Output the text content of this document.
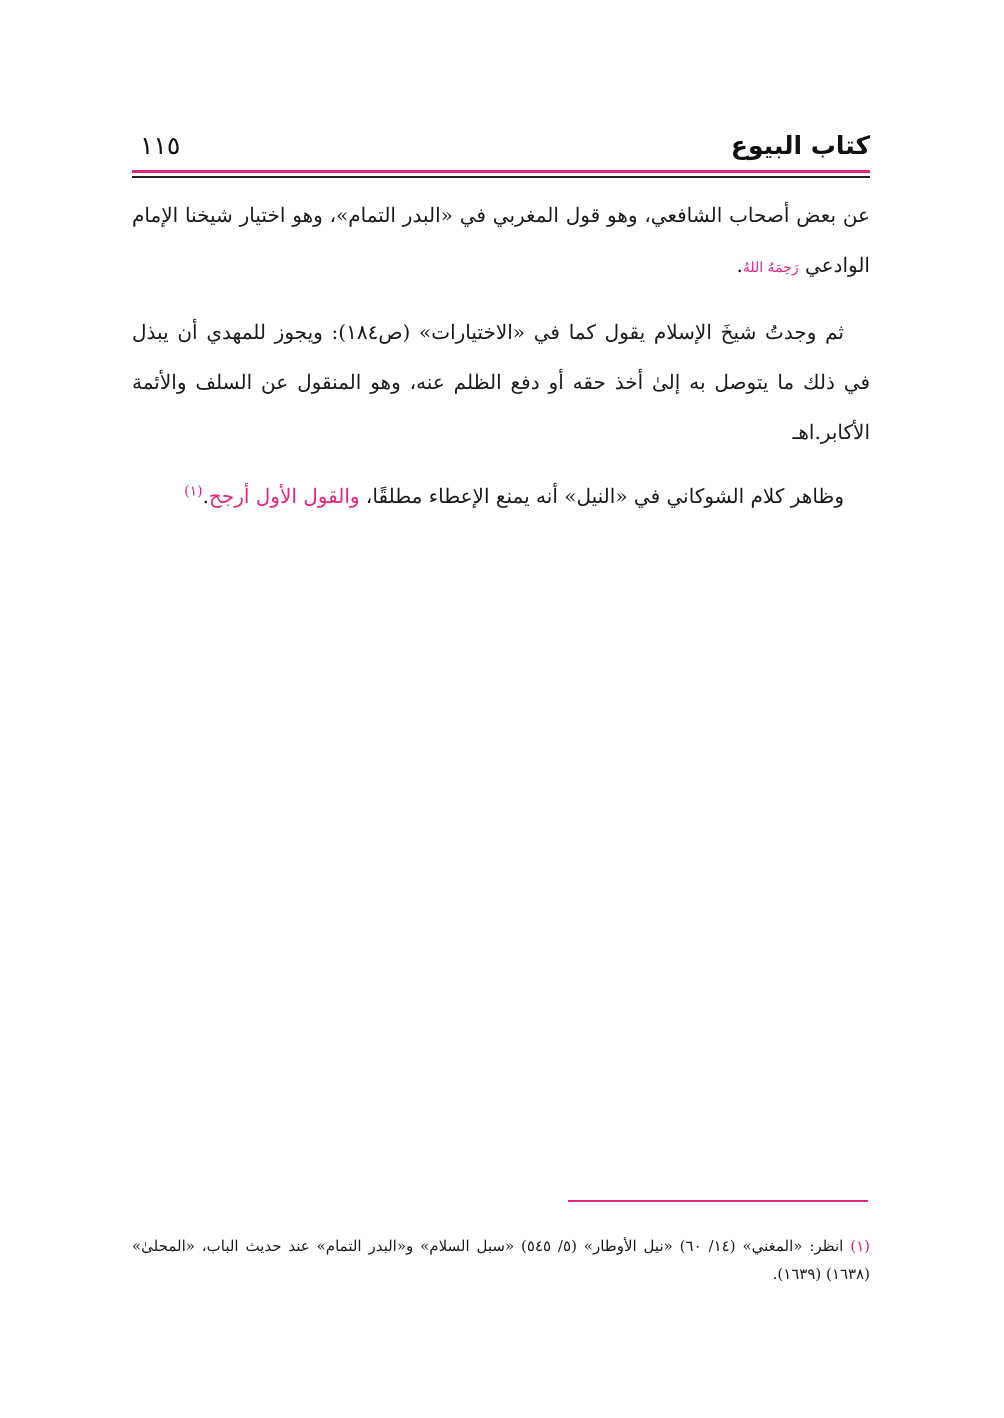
كتاب البيوع
١١٥

عن بعض أصحاب الشافعي، وهو قول المغربي في «البدر التمام»، وهو اختيار شيخنا الإمام الوادعي رَحِمَهُ اللهُ.

ثم وجدتُ شيخَ الإسلام يقول كما في «الاختيارات» (ص١٨٤): ويجوز للمهدي أن يبذل في ذلك ما يتوصل به إلىٰ أخذ حقه أو دفع الظلم عنه، وهو المنقول عن السلف والأئمة الأكابر.اهـ

وظاهر كلام الشوكاني في «النيل» أنه يمنع الإعطاء مطلقًا، والقول الأول أرجح.$^{(١)}$

(١) انظر: «المغني» (١٤/ ٦٠) «نيل الأوطار» (٥/ ٥٤٥) «سبل السلام» و«البدر التمام» عند حديث الباب، «المحلىٰ» (١٦٣٨) (١٦٣٩).
